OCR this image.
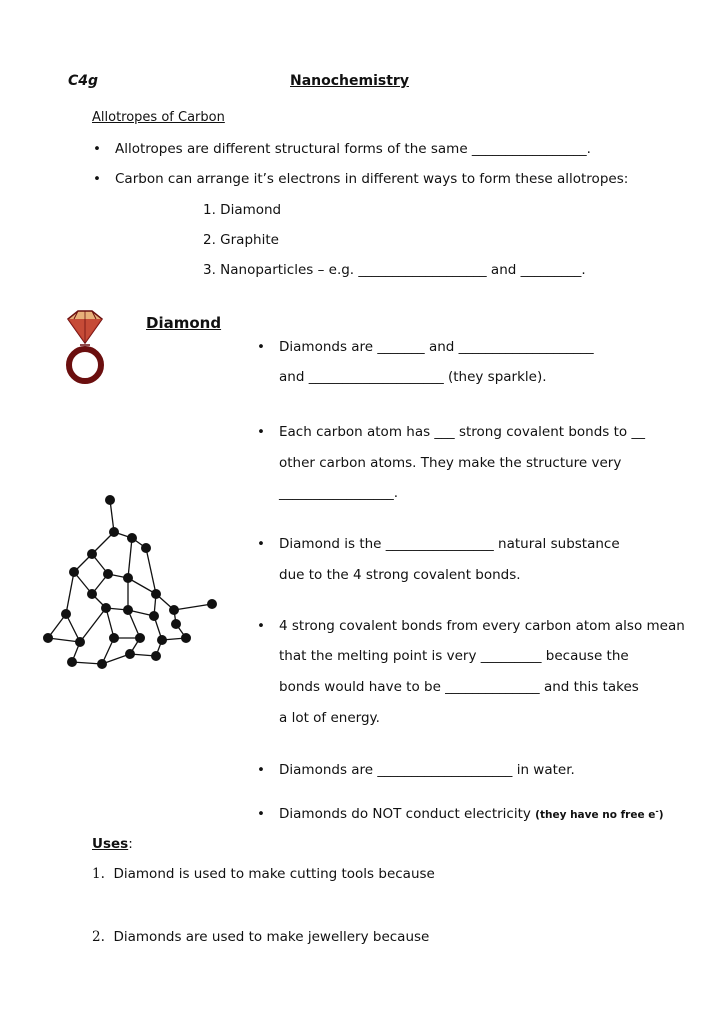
C4g	Nanochemistry
Allotropes of Carbon
• Allotropes are different structural forms of the same _________________.
• Carbon can arrange it’s electrons in different ways to form these allotropes:
1. Diamond
2. Graphite
3. Nanoparticles – e.g. ___________________ and _________.
Diamond
• Diamonds are _______ and ____________________
and ____________________ (they sparkle).
• Each carbon atom has ___ strong covalent bonds to __
other carbon atoms. They make the structure very
_________________.
• Diamond is the ________________ natural substance
due to the 4 strong covalent bonds.
• 4 strong covalent bonds from every carbon atom also mean
that the melting point is very _________ because the
bonds would have to be ______________ and this takes
a lot of energy.
• Diamonds are ____________________ in water.
• Diamonds do NOT conduct electricity (they have no free e-)
Uses:
1. Diamond is used to make cutting tools because
2. Diamonds are used to make jewellery because
